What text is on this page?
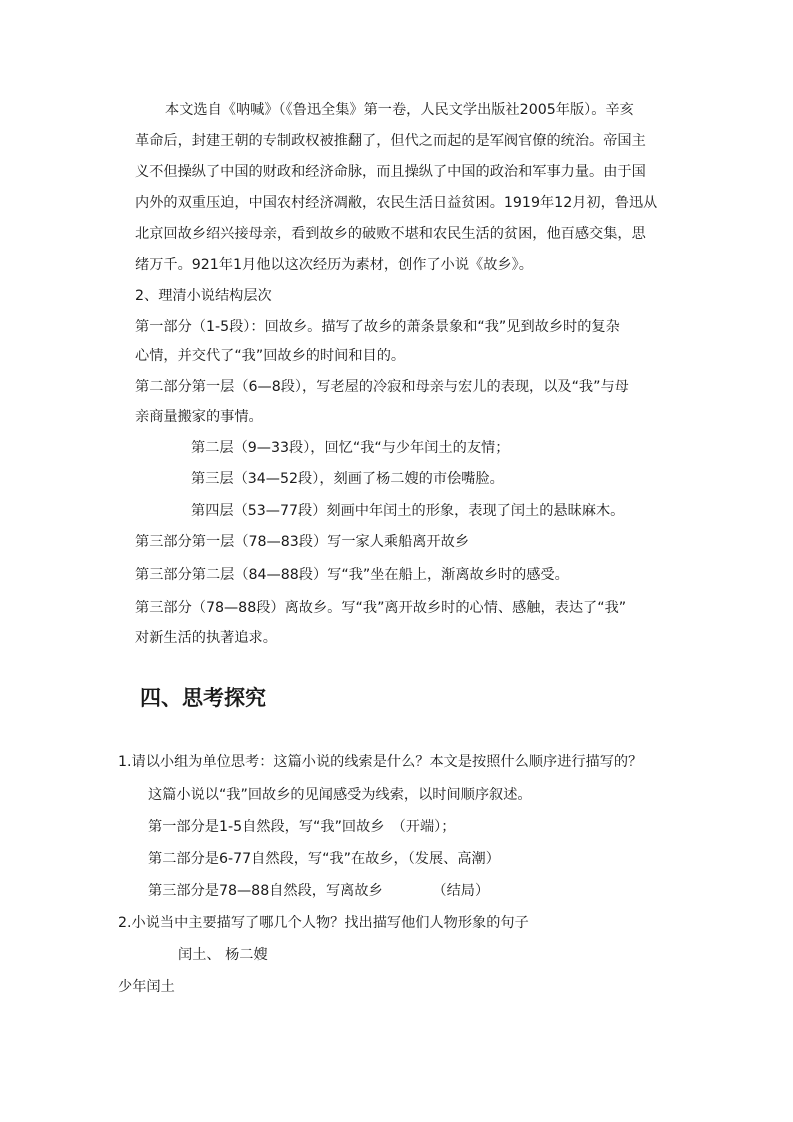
本文选自《呐喊》（《鲁迅全集》第一卷，人民文学出版社2005年版）。辛亥

革命后，封建王朝的专制政权被推翻了，但代之而起的是军阀官僚的统治。帝国主

义不但操纵了中国的财政和经济命脉，而且操纵了中国的政治和军事力量。由于国

内外的双重压迫，中国农村经济凋敝，农民生活日益贫困。1919年12月初，鲁迅从

北京回故乡绍兴接母亲，看到故乡的破败不堪和农民生活的贫困，他百感交集，思

绪万千。921年1月他以这次经历为素材，创作了小说《故乡》。

2、理清小说结构层次

第一部分（1-5段）：回故乡。描写了故乡的萧条景象和“我”见到故乡时的复杂

心情，并交代了“我”回故乡的时间和目的。

第二部分第一层（6—8段），写老屋的冷寂和母亲与宏儿的表现，以及“我”与母

亲商量搬家的事情。

第二层（9—33段），回忆“我“与少年闰土的友情；

第三层（34—52段），刻画了杨二嫂的市侩嘴脸。

第四层（53—77段）刻画中年闰土的形象，表现了闰土的悬昧麻木。

第三部分第一层（78—83段）写一家人乘船离开故乡

第三部分第二层（84—88段）写“我”坐在船上，渐离故乡时的感受。

第三部分（78—88段）离故乡。写“我”离开故乡时的心情、感触，表达了“我”

对新生活的执著追求。

四、思考探究

1.请以小组为单位思考：这篇小说的线索是什么？本文是按照什么顺序进行描写的？

这篇小说以“我”回故乡的见闻感受为线索，以时间顺序叙述。

第一部分是1-5自然段，写“我”回故乡　（开端）；

第二部分是6-77自然段，写“我”在故乡，（发展、高潮）

第三部分是78—88自然段，写离故乡　　　　（结局）

2.小说当中主要描写了哪几个人物？找出描写他们人物形象的句子

闰土、 杨二嫂

少年闰土
